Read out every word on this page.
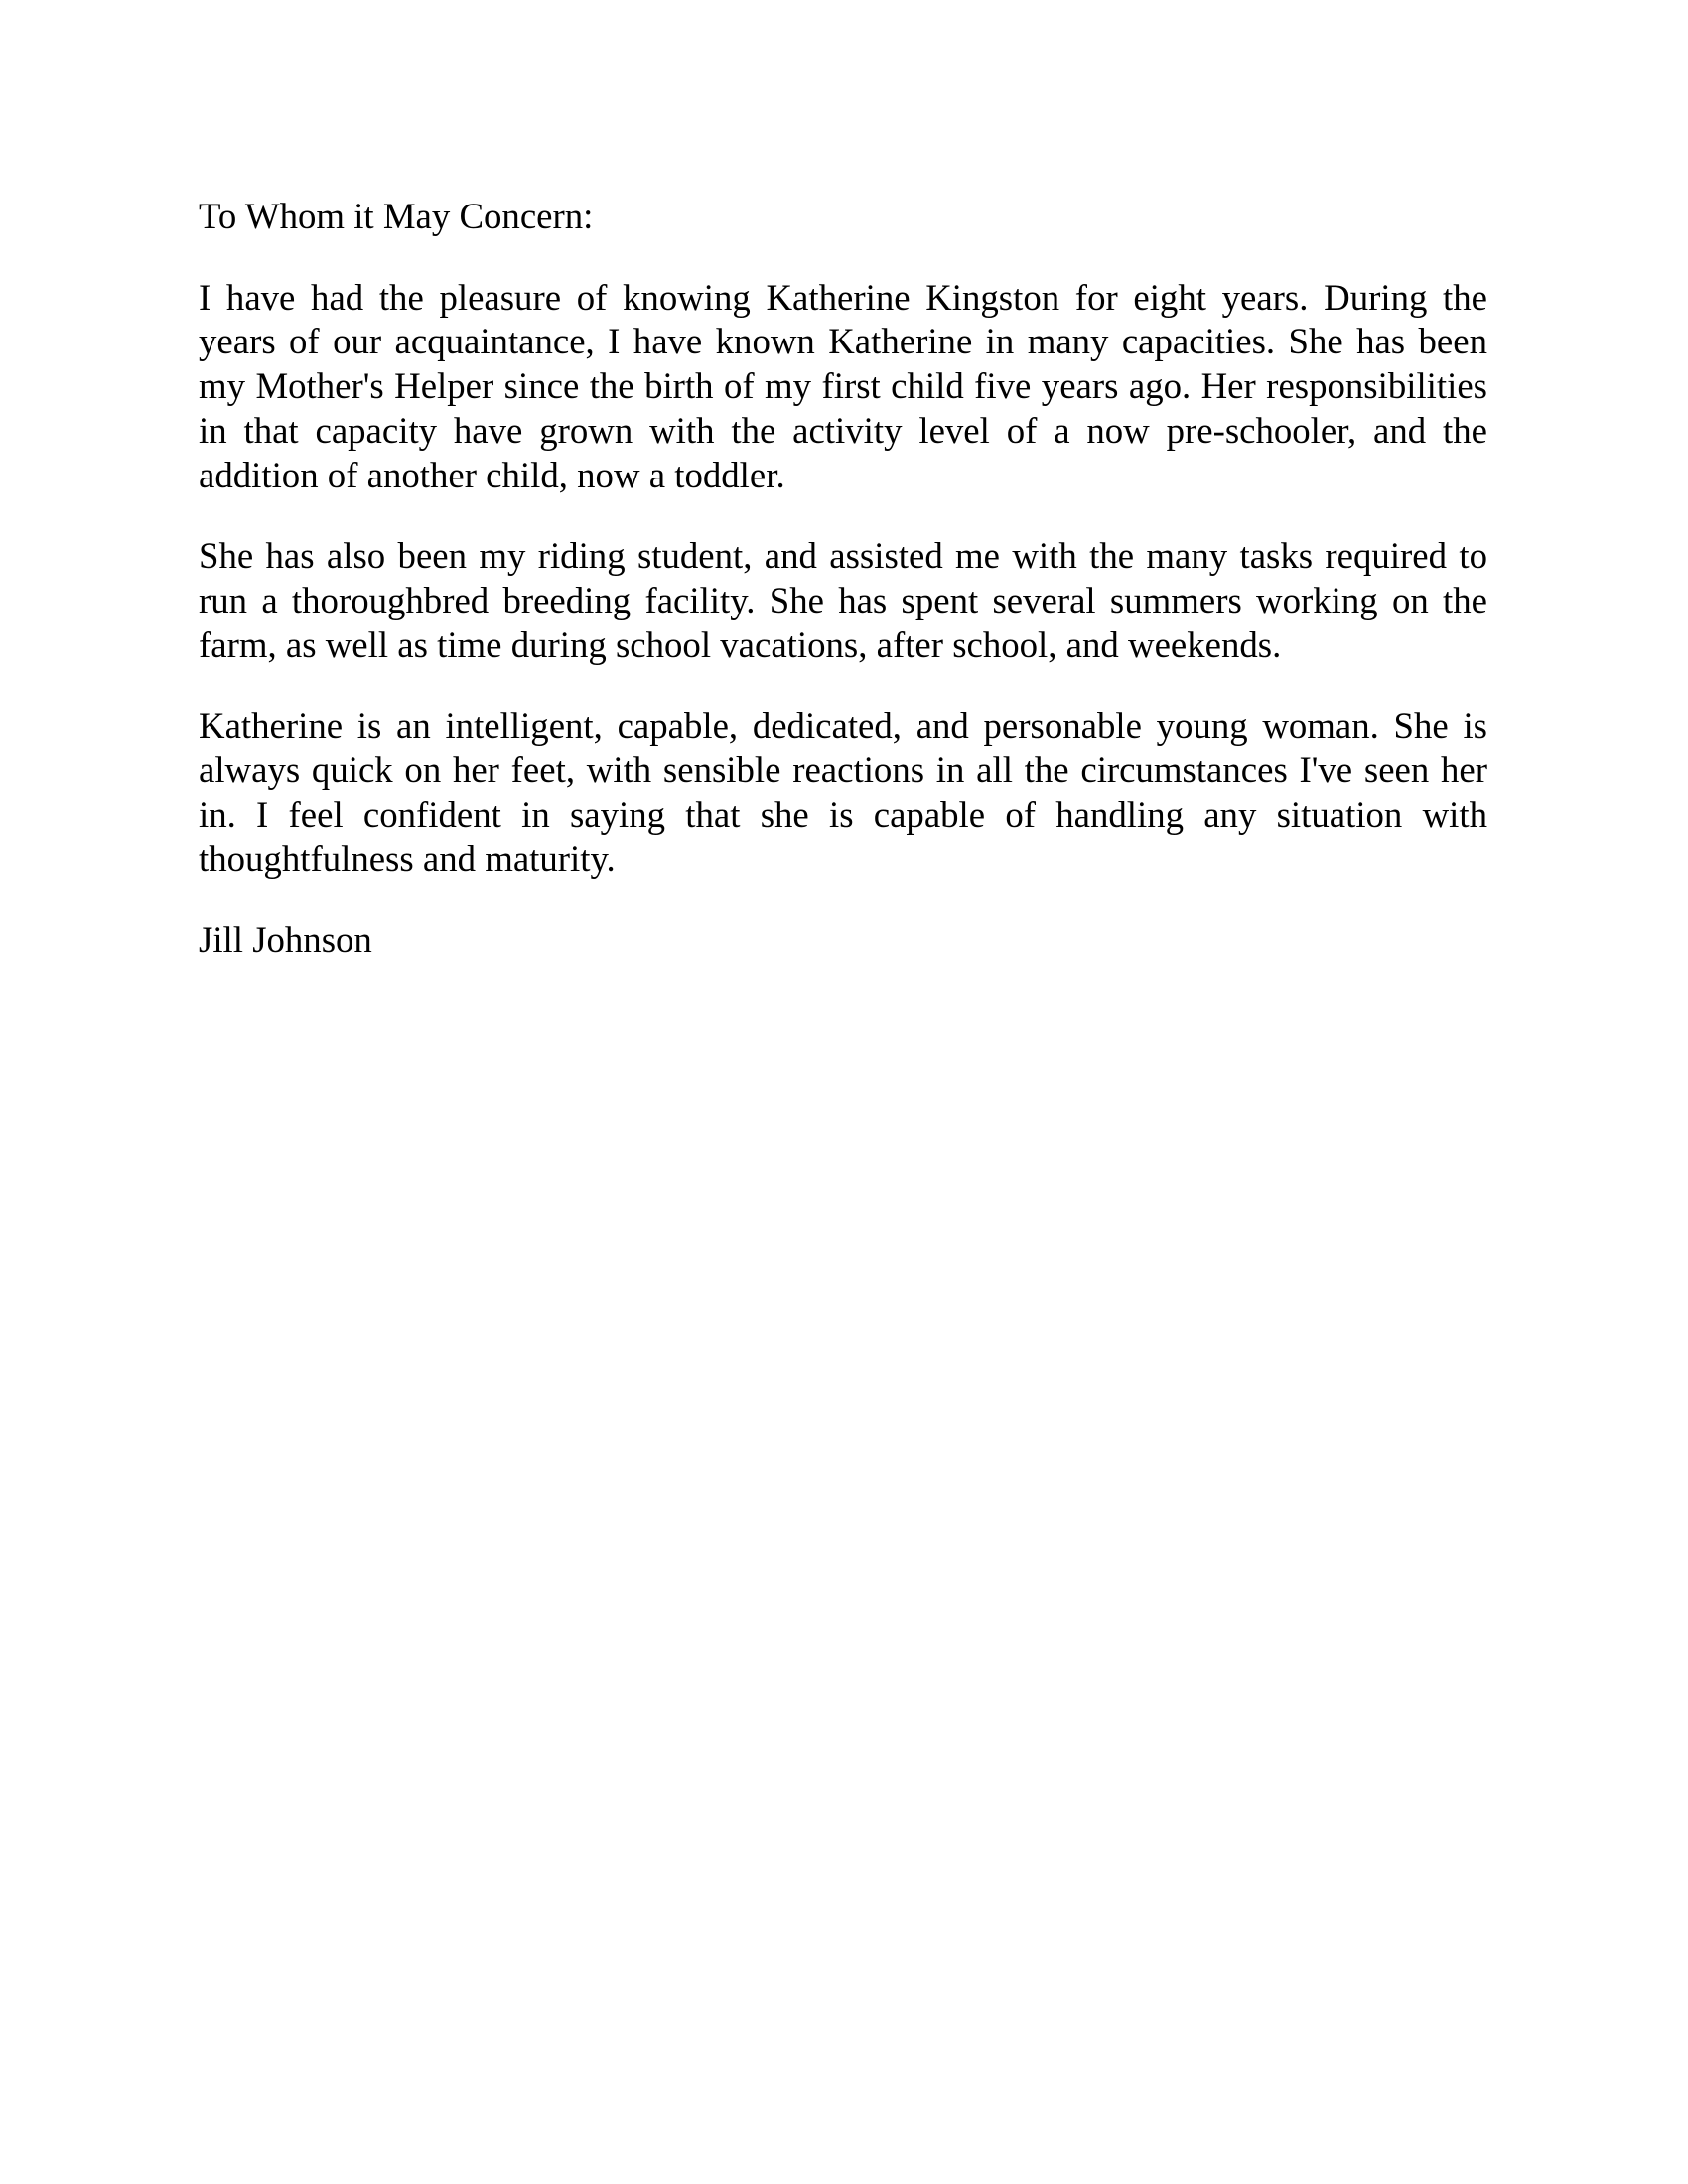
To Whom it May Concern:

I have had the pleasure of knowing Katherine Kingston for eight years. During the years of our acquaintance, I have known Katherine in many capacities. She has been my Mother's Helper since the birth of my first child five years ago. Her responsibilities in that capacity have grown with the activity level of a now pre-schooler, and the addition of another child, now a toddler.

She has also been my riding student, and assisted me with the many tasks required to run a thoroughbred breeding facility. She has spent several summers working on the farm, as well as time during school vacations, after school, and weekends.

Katherine is an intelligent, capable, dedicated, and personable young woman. She is always quick on her feet, with sensible reactions in all the circumstances I've seen her in. I feel confident in saying that she is capable of handling any situation with thoughtfulness and maturity.

Jill Johnson
